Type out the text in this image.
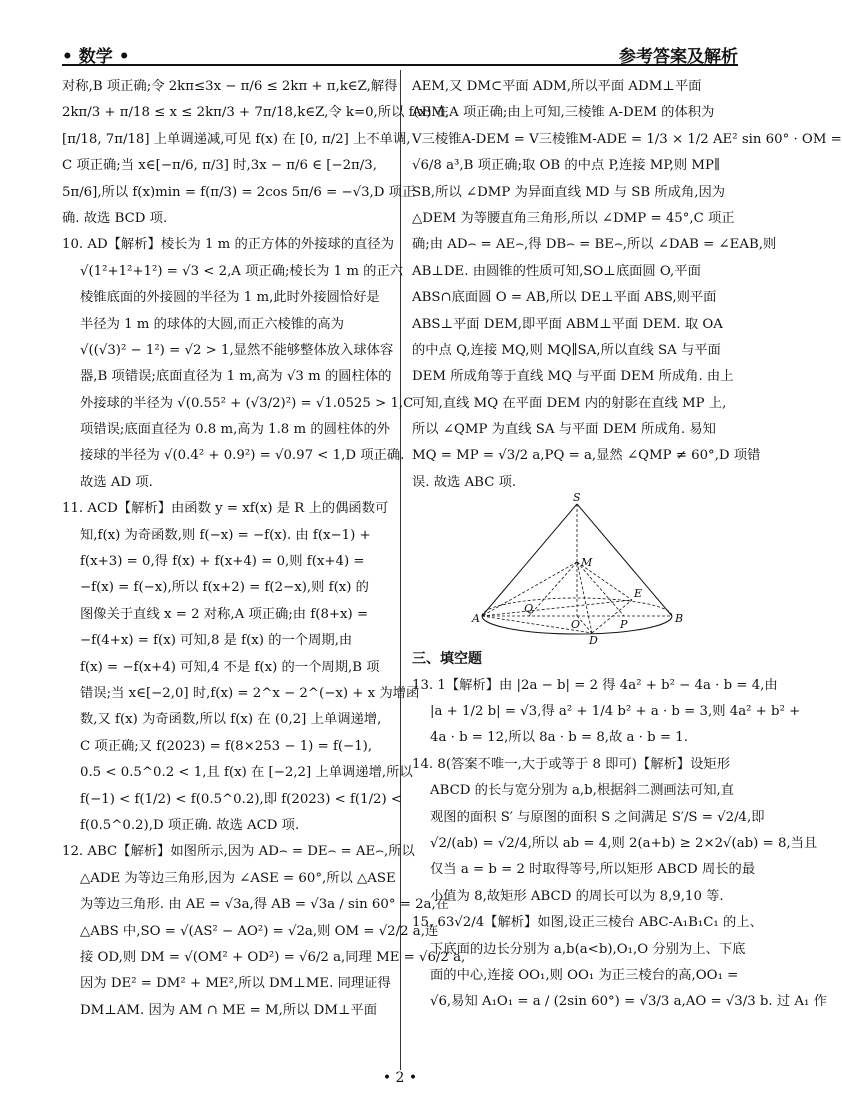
• 数学 •	参考答案及解析
对称,B 项正确;令 2kπ≤3x − π/6 ≤ 2kπ + π,k∈Z,解得
2kπ/3 + π/18 ≤ x ≤ 2kπ/3 + 7π/18,k∈Z,令 k=0,所以 f(x) 在
[π/18, 7π/18] 上单调递减,可见 f(x) 在 [0, π/2] 上不单调,
C 项正确;当 x∈[−π/6, π/3] 时,3x − π/6 ∈ [−2π/3,
5π/6],所以 f(x)min = f(π/3) = 2cos 5π/6 = −√3,D 项正
确. 故选 BCD 项.
10. AD【解析】棱长为 1 m 的正方体的外接球的直径为
√(1²+1²+1²) = √3 < 2,A 项正确;棱长为 1 m 的正六
棱锥底面的外接圆的半径为 1 m,此时外接圆恰好是
半径为 1 m 的球体的大圆,而正六棱锥的高为
√((√3)² − 1²) = √2 > 1,显然不能够整体放入球体容
器,B 项错误;底面直径为 1 m,高为 √3 m 的圆柱体的
外接球的半径为 √(0.55² + (√3/2)²) = √1.0525 > 1,C
项错误;底面直径为 0.8 m,高为 1.8 m 的圆柱体的外
接球的半径为 √(0.4² + 0.9²) = √0.97 < 1,D 项正确.
故选 AD 项.
11. ACD【解析】由函数 y = xf(x) 是 R 上的偶函数可
知,f(x) 为奇函数,则 f(−x) = −f(x). 由 f(x−1) +
f(x+3) = 0,得 f(x) + f(x+4) = 0,则 f(x+4) =
−f(x) = f(−x),所以 f(x+2) = f(2−x),则 f(x) 的
图像关于直线 x = 2 对称,A 项正确;由 f(8+x) =
−f(4+x) = f(x) 可知,8 是 f(x) 的一个周期,由
f(x) = −f(x+4) 可知,4 不是 f(x) 的一个周期,B 项
错误;当 x∈[−2,0] 时,f(x) = 2^x − 2^(−x) + x 为增函
数,又 f(x) 为奇函数,所以 f(x) 在 (0,2] 上单调递增,
C 项正确;又 f(2023) = f(8×253 − 1) = f(−1),
0.5 < 0.5^0.2 < 1,且 f(x) 在 [−2,2] 上单调递增,所以
f(−1) < f(1/2) < f(0.5^0.2),即 f(2023) < f(1/2) <
f(0.5^0.2),D 项正确. 故选 ACD 项.
12. ABC【解析】如图所示,因为 AD⌢ = DE⌢ = AE⌢,所以
△ADE 为等边三角形,因为 ∠ASE = 60°,所以 △ASE
为等边三角形. 由 AE = √3a,得 AB = √3a / sin 60° = 2a,在
△ABS 中,SO = √(AS² − AO²) = √2a,则 OM = √2/2 a,连
接 OD,则 DM = √(OM² + OD²) = √6/2 a,同理 ME = √6/2 a,
因为 DE² = DM² + ME²,所以 DM⊥ME. 同理证得
DM⊥AM. 因为 AM ∩ ME = M,所以 DM⊥平面
AEM,又 DM⊂平面 ADM,所以平面 ADM⊥平面
AEM,A 项正确;由上可知,三棱锥 A-DEM 的体积为
V三棱锥A-DEM = V三棱锥M-ADE = 1/3 × 1/2 AE² sin 60° · OM =
√6/8 a³,B 项正确;取 OB 的中点 P,连接 MP,则 MP∥
SB,所以 ∠DMP 为异面直线 MD 与 SB 所成角,因为
△DEM 为等腰直角三角形,所以 ∠DMP = 45°,C 项正
确;由 AD⌢ = AE⌢,得 DB⌢ = BE⌢,所以 ∠DAB = ∠EAB,则
AB⊥DE. 由圆锥的性质可知,SO⊥底面圆 O,平面
ABS∩底面圆 O = AB,所以 DE⊥平面 ABS,则平面
ABS⊥平面 DEM,即平面 ABM⊥平面 DEM. 取 OA
的中点 Q,连接 MQ,则 MQ∥SA,所以直线 SA 与平面
DEM 所成角等于直线 MQ 与平面 DEM 所成角. 由上
可知,直线 MQ 在平面 DEM 内的射影在直线 MP 上,
所以 ∠QMP 为直线 SA 与平面 DEM 所成角. 易知
MQ = MP = √3/2 a,PQ = a,显然 ∠QMP ≠ 60°,D 项错
误. 故选 ABC 项.
S
M
A	B
Q
O	P
E
D
三、填空题
13. 1【解析】由 |2a − b| = 2 得 4a² + b² − 4a · b = 4,由
|a + 1/2 b| = √3,得 a² + 1/4 b² + a · b = 3,则 4a² + b² +
4a · b = 12,所以 8a · b = 8,故 a · b = 1.
14. 8(答案不唯一,大于或等于 8 即可)【解析】设矩形
ABCD 的长与宽分别为 a,b,根据斜二测画法可知,直
观图的面积 S′ 与原图的面积 S 之间满足 S′/S = √2/4,即
√2/(ab) = √2/4,所以 ab = 4,则 2(a+b) ≥ 2×2√(ab) = 8,当且
仅当 a = b = 2 时取得等号,所以矩形 ABCD 周长的最
小值为 8,故矩形 ABCD 的周长可以为 8,9,10 等.
15. 63√2/4【解析】如图,设正三棱台 ABC-A₁B₁C₁ 的上、
下底面的边长分别为 a,b(a<b),O₁,O 分别为上、下底
面的中心,连接 OO₁,则 OO₁ 为正三棱台的高,OO₁ =
√6,易知 A₁O₁ = a / (2sin 60°) = √3/3 a,AO = √3/3 b. 过 A₁ 作
• 2 •
